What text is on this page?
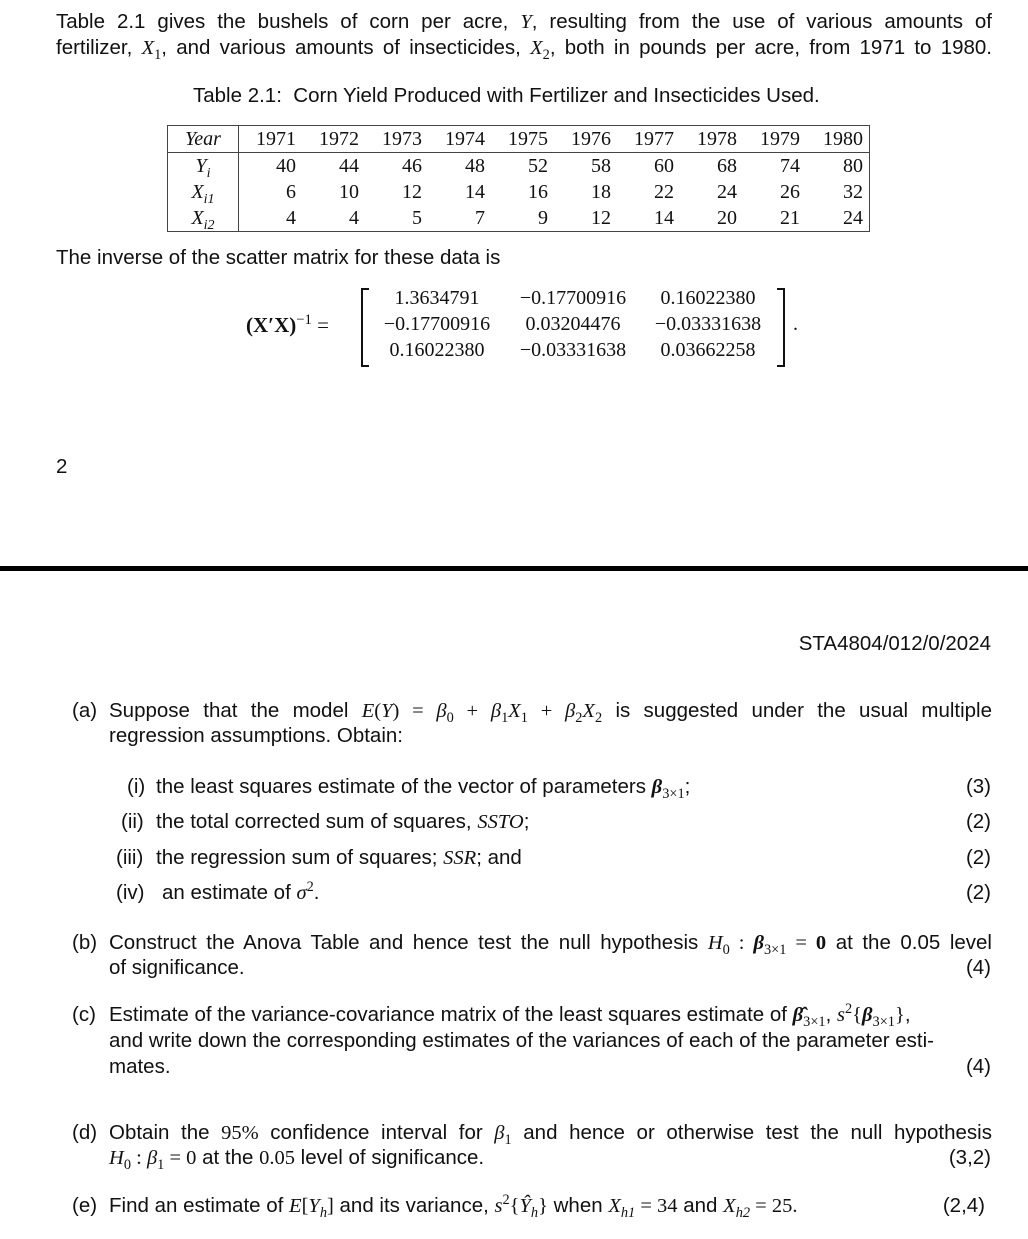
Table 2.1 gives the bushels of corn per acre, Y, resulting from the use of various amounts of
fertilizer, $X_1$, and various amounts of insecticides, $X_2$, both in pounds per acre, from 1971 to 1980.
Table 2.1:  Corn Yield Produced with Fertilizer and Insecticides Used.
Year	1971	1972	1973	1974	1975	1976	1977	1978	1979	1980
$Y_i$	40	44	46	48	52	58	60	68	74	80
$X_{i1}$	6	10	12	14	16	18	22	24	26	32
$X_{i2}$	4	4	5	7	9	12	14	20	21	24
The inverse of the scatter matrix for these data is
$(X'X)^{-1}$ =	.
1.3634791	−0.17700916	0.16022380
−0.17700916	0.03204476	−0.03331638
0.16022380	−0.03331638	0.03662258
2
STA4804/012/0/2024
(a) Suppose that the model $E(Y) = \beta_0 + \beta_1X_1 + \beta_2X_2$ is suggested under the usual multiple
regression assumptions. Obtain:
(i) the least squares estimate of the vector of parameters $\beta_{3\times 1}$;	(3)
(ii) the total corrected sum of squares, SSTO;	(2)
(iii) the regression sum of squares; SSR; and	(2)
(iv) an estimate of $\sigma^2$.	(2)
(b) Construct the Anova Table and hence test the null hypothesis $H_0$ : $\beta_{3\times 1} = 0$ at the 0.05 level
of significance.	(4)
(c) Estimate of the variance-covariance matrix of the least squares estimate of $\betâ_{3\times 1}$, $s^2\{\beta_{3\times 1}\}$,
and write down the corresponding estimates of the variances of each of the parameter esti-
mates.	(4)
(d) Obtain the 95% confidence interval for $\beta_1$ and hence or otherwise test the null hypothesis
$H_0$ : $\beta_1 = 0$ at the 0.05 level of significance.	(3,2)
(e) Find an estimate of $E[Y_h]$ and its variance, $s^2\{Ŷ_h\}$ when $X_{h1} = 34$ and $X_{h2} = 25$.	(2,4)
